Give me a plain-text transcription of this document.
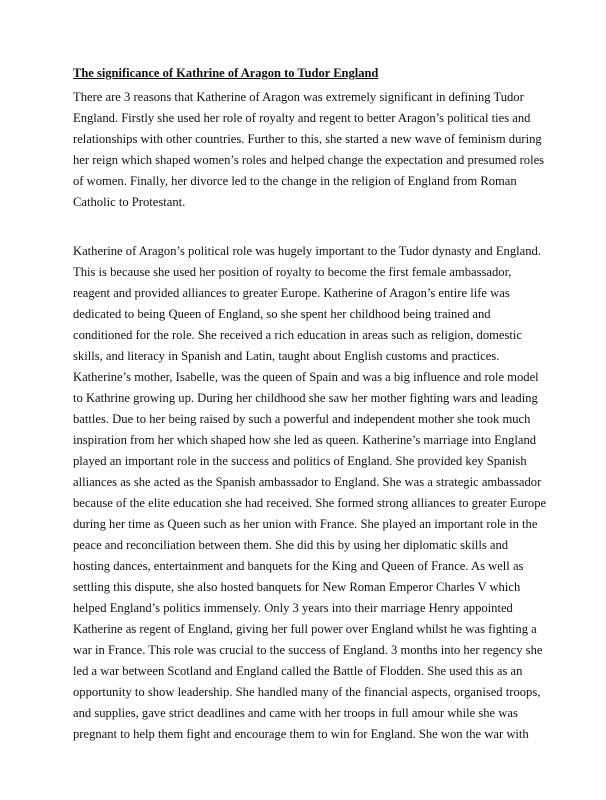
The significance of Kathrine of Aragon to Tudor England
There are 3 reasons that Katherine of Aragon was extremely significant in defining Tudor
England. Firstly she used her role of royalty and regent to better Aragon’s political ties and
relationships with other countries. Further to this, she started a new wave of feminism during
her reign which shaped women’s roles and helped change the expectation and presumed roles
of women. Finally, her divorce led to the change in the religion of England from Roman
Catholic to Protestant.
Katherine of Aragon’s political role was hugely important to the Tudor dynasty and England.
This is because she used her position of royalty to become the first female ambassador,
reagent and provided alliances to greater Europe. Katherine of Aragon’s entire life was
dedicated to being Queen of England, so she spent her childhood being trained and
conditioned for the role. She received a rich education in areas such as religion, domestic
skills, and literacy in Spanish and Latin, taught about English customs and practices.
Katherine’s mother, Isabelle, was the queen of Spain and was a big influence and role model
to Kathrine growing up. During her childhood she saw her mother fighting wars and leading
battles. Due to her being raised by such a powerful and independent mother she took much
inspiration from her which shaped how she led as queen. Katherine’s marriage into England
played an important role in the success and politics of England. She provided key Spanish
alliances as she acted as the Spanish ambassador to England. She was a strategic ambassador
because of the elite education she had received. She formed strong alliances to greater Europe
during her time as Queen such as her union with France. She played an important role in the
peace and reconciliation between them. She did this by using her diplomatic skills and
hosting dances, entertainment and banquets for the King and Queen of France. As well as
settling this dispute, she also hosted banquets for New Roman Emperor Charles V which
helped England’s politics immensely. Only 3 years into their marriage Henry appointed
Katherine as regent of England, giving her full power over England whilst he was fighting a
war in France. This role was crucial to the success of England. 3 months into her regency she
led a war between Scotland and England called the Battle of Flodden. She used this as an
opportunity to show leadership. She handled many of the financial aspects, organised troops,
and supplies, gave strict deadlines and came with her troops in full amour while she was
pregnant to help them fight and encourage them to win for England. She won the war with
